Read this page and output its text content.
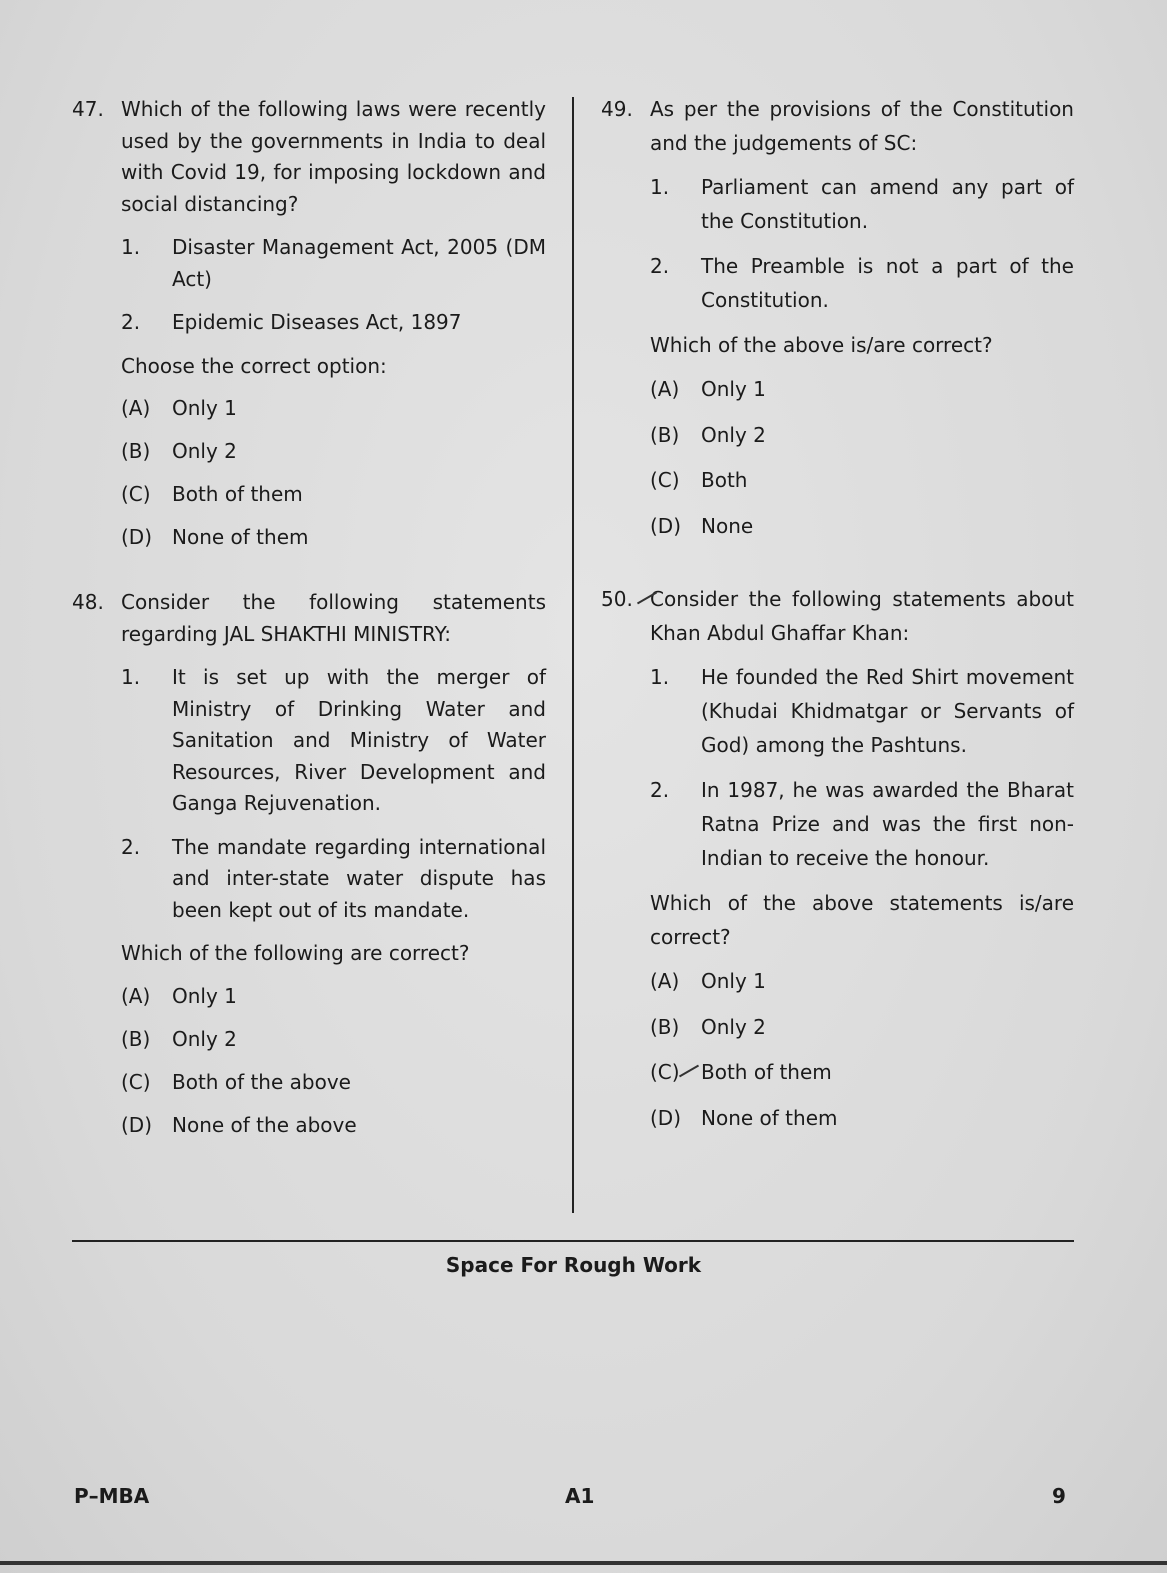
47. Which of the following laws were recently used by the governments in India to deal with Covid 19, for imposing lockdown and social distancing?
1.	Disaster Management Act, 2005 (DM Act)
2.	Epidemic Diseases Act, 1897
Choose the correct option:
(A)	Only 1
(B)	Only 2
(C)	Both of them
(D) None of them
48. Consider the following statements regarding JAL SHAKTHI MINISTRY:
1.	It is set up with the merger of Ministry of Drinking Water and Sanitation and Ministry of Water Resources, River Development and Ganga Rejuvenation.
2.	The mandate regarding international and inter-state water dispute has been kept out of its mandate.
Which of the following are correct?
(A)	Only 1
(B)	Only 2
(C)	Both of the above
(D) None of the above
49. As per the provisions of the Constitution and the judgements of SC:
1.	Parliament can amend any part of the Constitution.
2.	The Preamble is not a part of the Constitution.
Which of the above is/are correct?
(A)	Only 1
(B)	Only 2
(C)	Both
(D) None
50. Consider the following statements about Khan Abdul Ghaffar Khan:
1.	He founded the Red Shirt movement (Khudai Khidmatgar or Servants of God) among the Pashtuns.
2.	In 1987, he was awarded the Bharat Ratna Prize and was the first non-Indian to receive the honour.
Which of the above statements is/are correct?
(A)	Only 1
(B)	Only 2
(C)	Both of them
(D) None of them
Space For Rough Work
P–MBA	A1	9
